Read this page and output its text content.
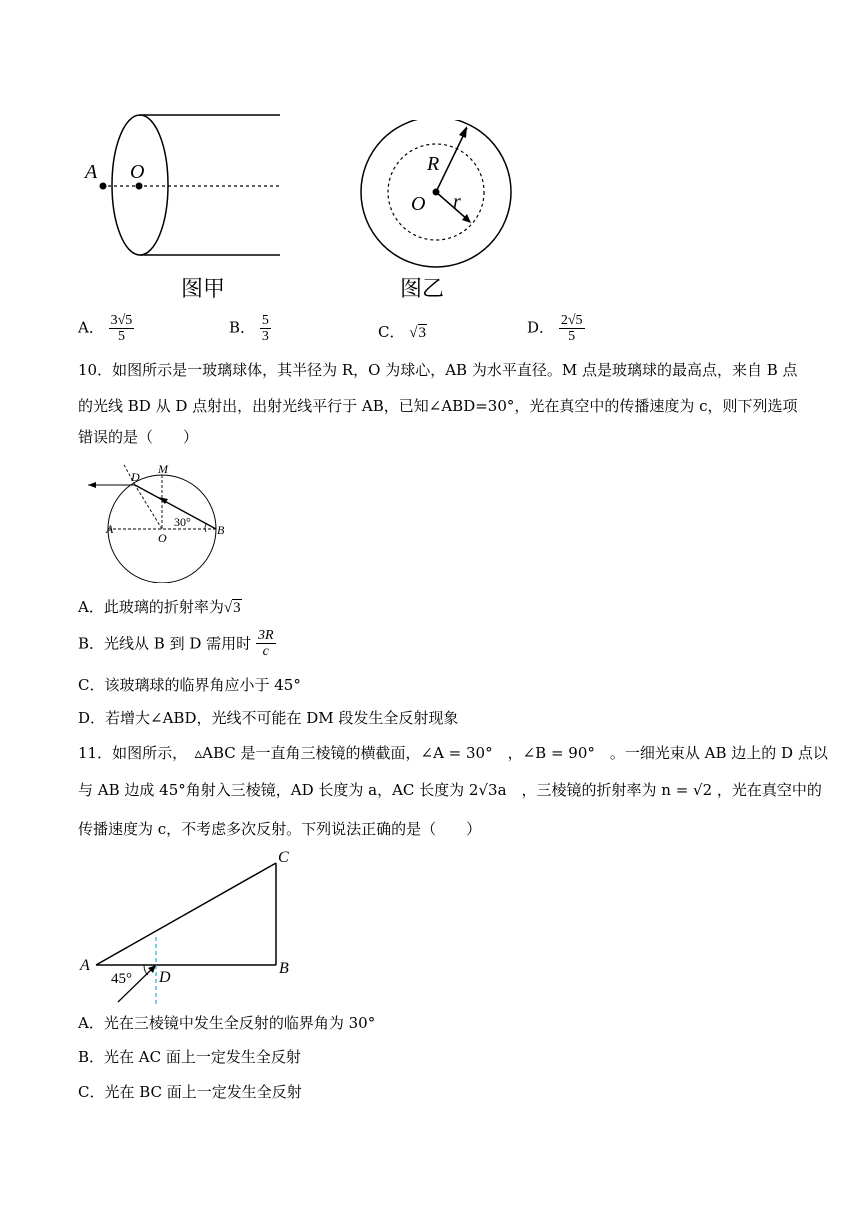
A O
图甲
R
O r
图乙
A． $\frac{3√5}{5}$	B． $\frac{5}{3}$	C． √3	D． $\frac{2√5}{5}$
10．如图所示是一玻璃球体，其半径为 R，O 为球心，AB 为水平直径。M 点是玻璃球的最高点，来自 B 点
的光线 BD 从 D 点射出，出射光线平行于 AB，已知∠ABD=30°，光在真空中的传播速度为 c，则下列选项
错误的是（　　）
D
M
A
O
B
30°
A．此玻璃的折射率为√3
B．光线从 B 到 D 需用时 $\frac{3R}{c}$
C．该玻璃球的临界角应小于 45°
D．若增大∠ABD，光线不可能在 DM 段发生全反射现象
11．如图所示，　▵ABC 是一直角三棱镜的横截面，∠A = 30°　，∠B = 90°　。一细光束从 AB 边上的 D 点以
与 AB 边成 45°角射入三棱镜，AD 长度为 a，AC 长度为 2√3a　，三棱镜的折射率为 n = √2 ，光在真空中的
传播速度为 c，不考虑多次反射。下列说法正确的是（　　）
A	B
C
D
45°
A．光在三棱镜中发生全反射的临界角为 30°
B．光在 AC 面上一定发生全反射
C．光在 BC 面上一定发生全反射
